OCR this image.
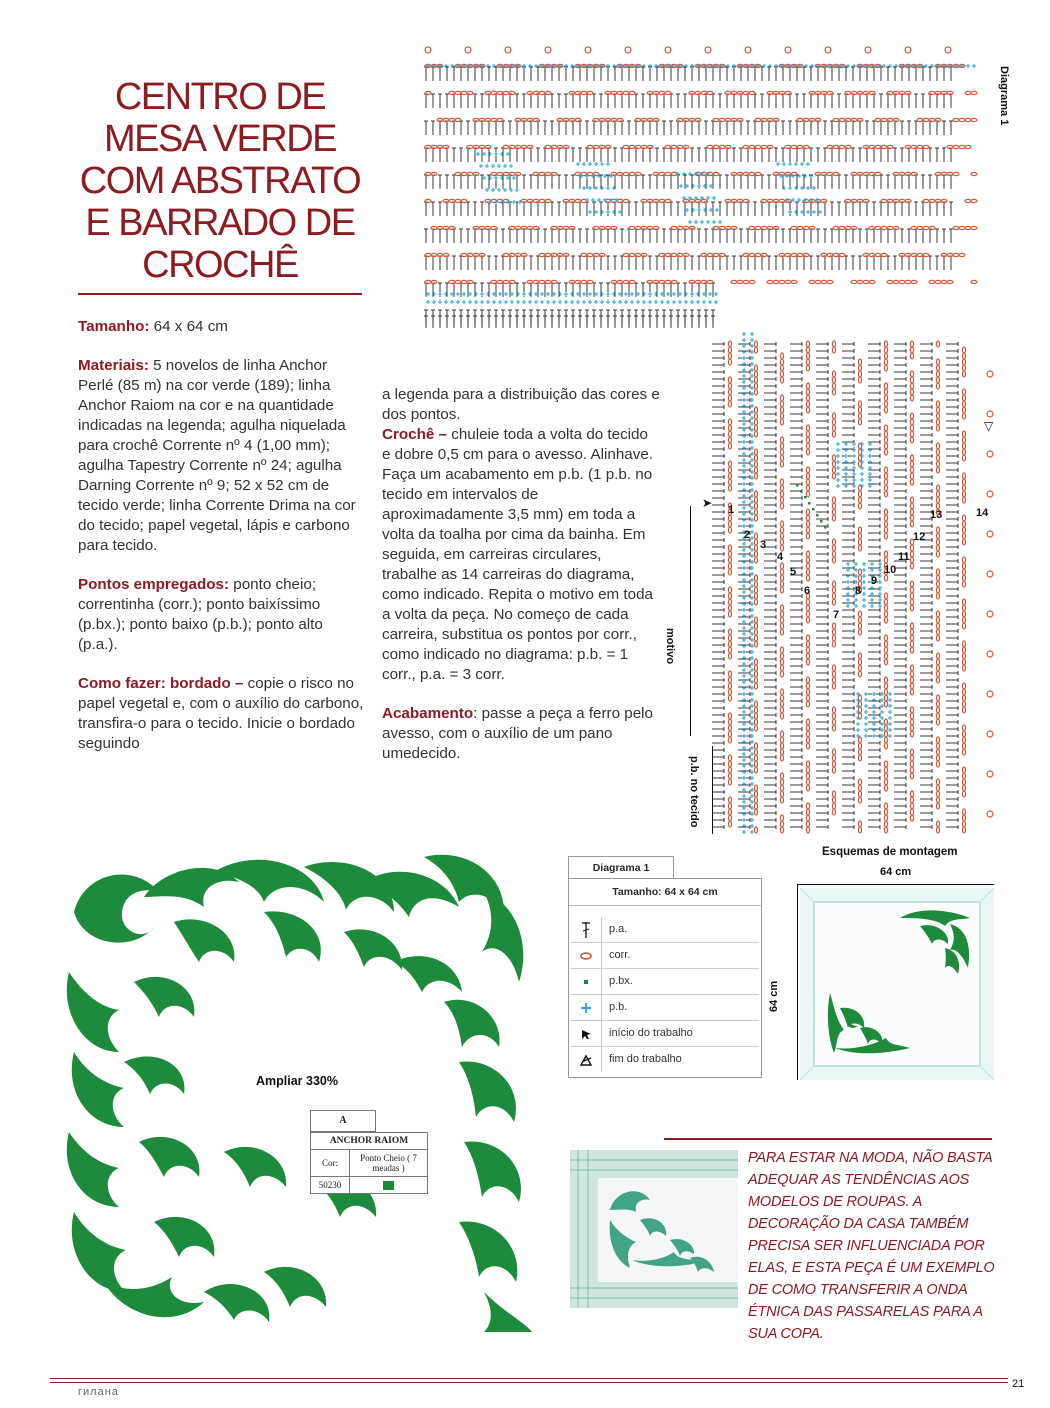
CENTRO DE
MESA VERDE
COM ABSTRATO
E BARRADO DE
CROCHÊ

Tamanho: 64 x 64 cm

Materiais: 5 novelos de linha Anchor Perlé (85 m) na cor verde (189); linha Anchor Raiom na cor e na quantidade indicadas na legenda; agulha niquelada para crochê Corrente nº 4 (1,00 mm); agulha Tapestry Corrente nº 24; agulha Darning Corrente nº 9; 52 x 52 cm de tecido verde; linha Corrente Drima na cor do tecido; papel vegetal, lápis e carbono para tecido.

Pontos empregados: ponto cheio; correntinha (corr.); ponto baixíssimo (p.bx.); ponto baixo (p.b.); ponto alto (p.a.).

Como fazer: bordado – copie o risco no papel vegetal e, com o auxílio do carbono, transfira-o para o tecido. Inicie o bordado seguindo

a legenda para a distribuição das cores e dos pontos.

Crochê – chuleie toda a volta do tecido e dobre 0,5 cm para o avesso. Alinhave. Faça um acabamento em p.b. (1 p.b. no tecido em intervalos de aproximadamente 3,5 mm) em toda a volta da toalha por cima da bainha. Em seguida, em carreiras circulares, trabalhe as 14 carreiras do diagrama, como indicado. Repita o motivo em toda a volta da peça. No começo de cada carreira, substitua os pontos por corr., como indicado no diagrama: p.b. = 1 corr., p.a. = 3 corr.

Acabamento: passe a peça a ferro pelo avesso, com o auxílio de um pano umedecido.

Diagrama 1
motivo
p.b. no tecido
1
2
3
4
5
6
7
8
9
10
11
12
13	14
➤
▽
Ampliar 330%
A
ANCHOR RAIOM
Cor:	Ponto Cheio ( 7 meadas )
50230
Diagrama 1
Tamanho: 64 x 64 cm
p.a.
corr.
p.bx.
p.b.
início do trabalho
fim do trabalho
Esquemas de montagem
64 cm
64 cm
PARA ESTAR NA MODA, NÃO BASTA ADEQUAR AS TENDÊNCIAS AOS MODELOS DE ROUPAS. A DECORAÇÃO DA CASA TAMBÉM PRECISA SER INFLUENCIADA POR ELAS, E ESTA PEÇA É UM EXEMPLO DE COMO TRANSFERIR A ONDA ÉTNICA DAS PASSARELAS PARA A SUA COPA.
21
гилана
